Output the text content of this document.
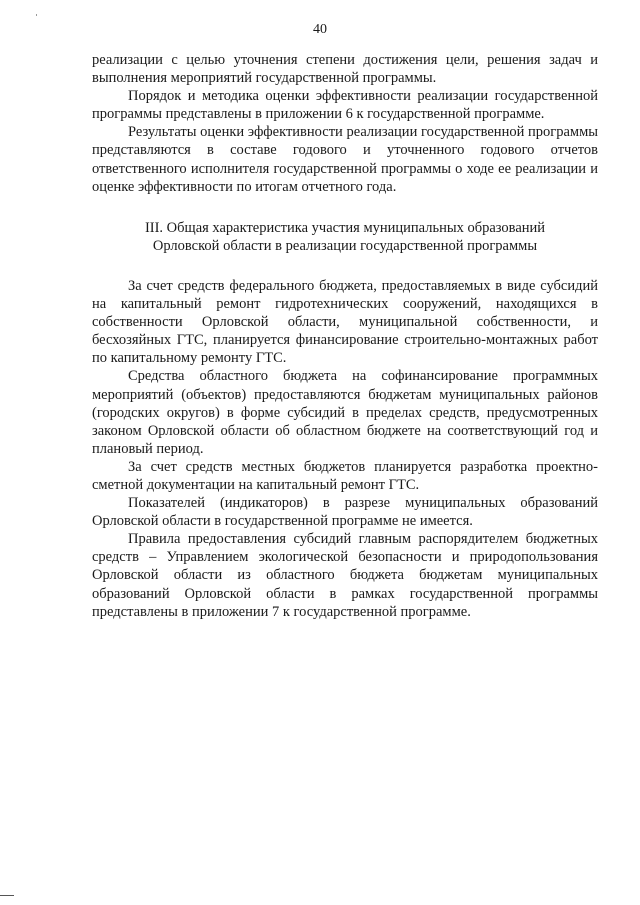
40

реализации с целью уточнения степени достижения цели, решения задач и выполнения мероприятий государственной программы.

Порядок и методика оценки эффективности реализации государственной программы представлены в приложении 6 к государственной программе.

Результаты оценки эффективности реализации государственной программы представляются в составе годового и уточненного годового отчетов ответственного исполнителя государственной программы о ходе ее реализации и оценке эффективности по итогам отчетного года.

III. Общая характеристика участия муниципальных образований
Орловской области в реализации государственной программы

За счет средств федерального бюджета, предоставляемых в виде субсидий на капитальный ремонт гидротехнических сооружений, находящихся в собственности Орловской области, муниципальной собственности, и бесхозяйных ГТС, планируется финансирование строительно-монтажных работ по капитальному ремонту ГТС.

Средства областного бюджета на софинансирование программных мероприятий (объектов) предоставляются бюджетам муниципальных районов (городских округов) в форме субсидий в пределах средств, предусмотренных законом Орловской области об областном бюджете на соответствующий год и плановый период.

За счет средств местных бюджетов планируется разработка проектно-сметной документации на капитальный ремонт ГТС.

Показателей (индикаторов) в разрезе муниципальных образований Орловской области в государственной программе не имеется.

Правила предоставления субсидий главным распорядителем бюджетных средств – Управлением экологической безопасности и природопользования Орловской области из областного бюджета бюджетам муниципальных образований Орловской области в рамках государственной программы представлены в приложении 7 к государственной программе.
